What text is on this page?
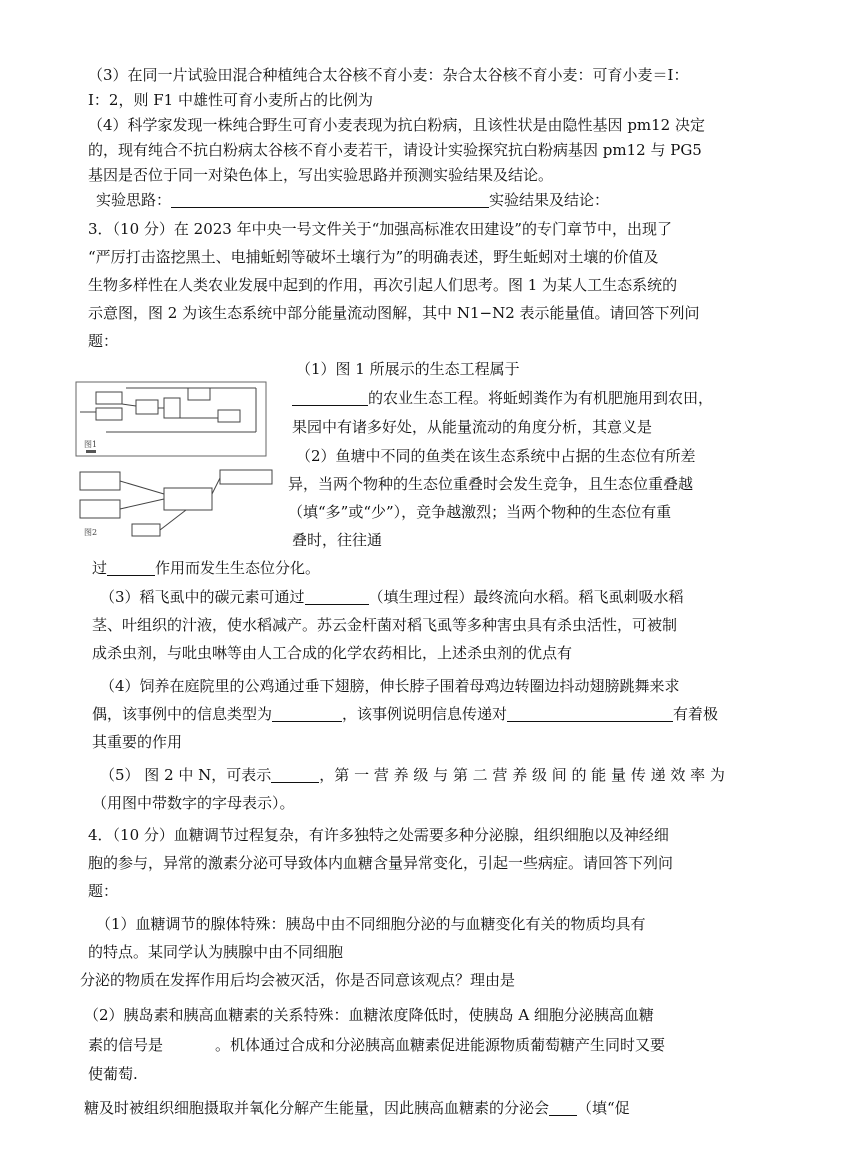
（3）在同一片试验田混合种植纯合太谷核不育小麦：杂合太谷核不育小麦：可育小麦＝I：
I：2，则 F1 中雄性可育小麦所占的比例为
（4）科学家发现一株纯合野生可育小麦表现为抗白粉病，且该性状是由隐性基因 pm12 决定
的，现有纯合不抗白粉病太谷核不育小麦若干，请设计实验探究抗白粉病基因 pm12 与 PG5
基因是否位于同一对染色体上，写出实验思路并预测实验结果及结论。
实验思路：	实验结果及结论：
3．（10 分）在 2023 年中央一号文件关于“加强高标准农田建设”的专门章节中，出现了
“严厉打击盗挖黑土、电捕蚯蚓等破坏土壤行为”的明确表述，野生蚯蚓对土壤的价值及
生物多样性在人类农业发展中起到的作用，再次引起人们思考。图 1 为某人工生态系统的
示意图，图 2 为该生态系统中部分能量流动图解，其中 N1−N2 表示能量值。请回答下列问
题：
图1
图2
（1）图 1 所展示的生态工程属于
的农业生态工程。将蚯蚓粪作为有机肥施用到农田，
果园中有诸多好处，从能量流动的角度分析，其意义是
（2）鱼塘中不同的鱼类在该生态系统中占据的生态位有所差
异，当两个物种的生态位重叠时会发生竞争，且生态位重叠越
（填“多”或“少”），竞争越激烈；当两个物种的生态位有重
叠时，往往通
过	作用而发生生态位分化。
（3）稻飞虱中的碳元素可通过	（填生理过程）最终流向水稻。稻飞虱刺吸水稻
茎、叶组织的汁液，使水稻减产。苏云金杆菌对稻飞虱等多种害虫具有杀虫活性，可被制
成杀虫剂，与吡虫啉等由人工合成的化学农药相比，上述杀虫剂的优点有
（4）饲养在庭院里的公鸡通过垂下翅膀，伸长脖子围着母鸡边转圈边抖动翅膀跳舞来求
偶，该事例中的信息类型为	，该事例说明信息传递对	有着极
其重要的作用
（5） 图 2 中 N，可表示	，第 一 营 养 级 与 第 二 营 养 级 间 的 能 量 传 递 效 率 为
（用图中带数字的字母表示）。
4．（10 分）血糖调节过程复杂，有许多独特之处需要多种分泌腺，组织细胞以及神经细
胞的参与，异常的激素分泌可导致体内血糖含量异常变化，引起一些病症。请回答下列问
题：
（1）血糖调节的腺体特殊：胰岛中由不同细胞分泌的与血糖变化有关的物质均具有
的特点。某同学认为胰腺中由不同细胞
分泌的物质在发挥作用后均会被灭活，你是否同意该观点？理由是
（2）胰岛素和胰高血糖素的关系特殊：血糖浓度降低时，使胰岛 A 细胞分泌胰高血糖
素的信号是	。机体通过合成和分泌胰高血糖素促进能源物质葡萄糖产生同时又要
使葡萄.
糖及时被组织细胞摄取并氧化分解产生能量，因此胰高血糖素的分泌会 （填“促
